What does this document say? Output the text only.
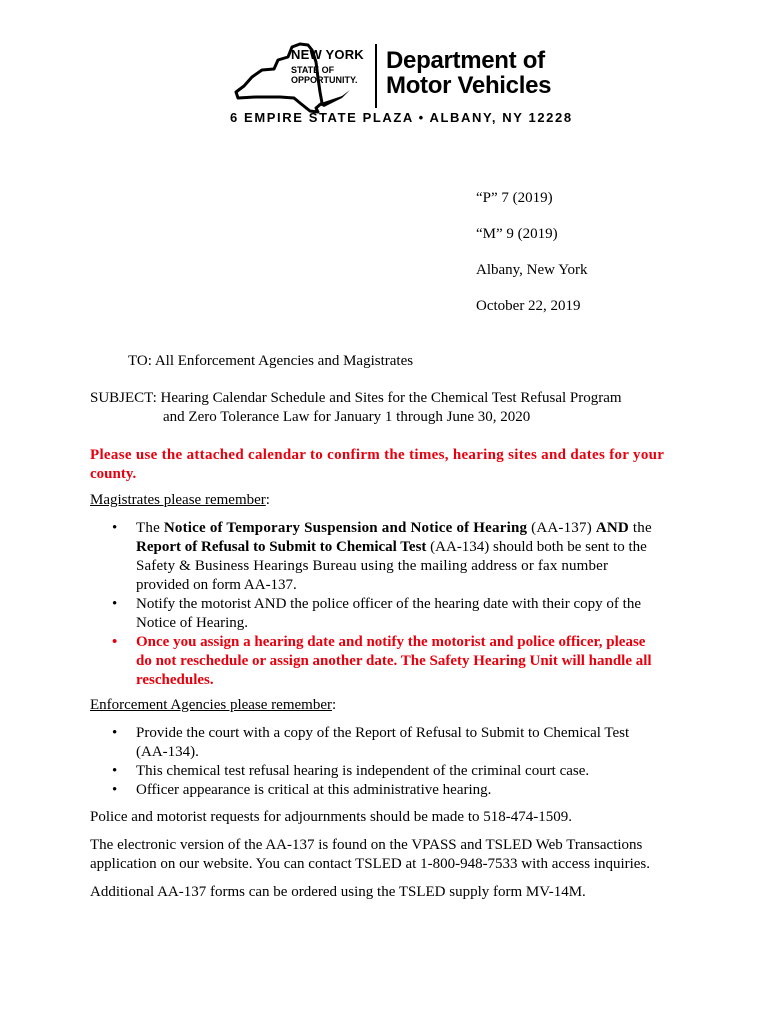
NEW YORK
STATE OF
OPPORTUNITY.
Department of
Motor Vehicles
6 EMPIRE STATE PLAZA • ALBANY, NY 12228
“P” 7 (2019)
“M” 9 (2019)
Albany, New York
October 22, 2019
TO: All Enforcement Agencies and Magistrates
SUBJECT: Hearing Calendar Schedule and Sites for the Chemical Test Refusal Program
and Zero Tolerance Law for January 1 through June 30, 2020
Please use the attached calendar to confirm the times, hearing sites and dates for your
county.
Magistrates please remember:
• The Notice of Temporary Suspension and Notice of Hearing (AA-137) AND the
Report of Refusal to Submit to Chemical Test (AA-134) should both be sent to the
Safety & Business Hearings Bureau using the mailing address or fax number
provided on form AA-137.
• Notify the motorist AND the police officer of the hearing date with their copy of the
Notice of Hearing.
• Once you assign a hearing date and notify the motorist and police officer, please
do not reschedule or assign another date. The Safety Hearing Unit will handle all
reschedules.
Enforcement Agencies please remember:
• Provide the court with a copy of the Report of Refusal to Submit to Chemical Test
(AA-134).
• This chemical test refusal hearing is independent of the criminal court case.
• Officer appearance is critical at this administrative hearing.
Police and motorist requests for adjournments should be made to 518-474-1509.
The electronic version of the AA-137 is found on the VPASS and TSLED Web Transactions
application on our website. You can contact TSLED at 1-800-948-7533 with access inquiries.
Additional AA-137 forms can be ordered using the TSLED supply form MV-14M.
